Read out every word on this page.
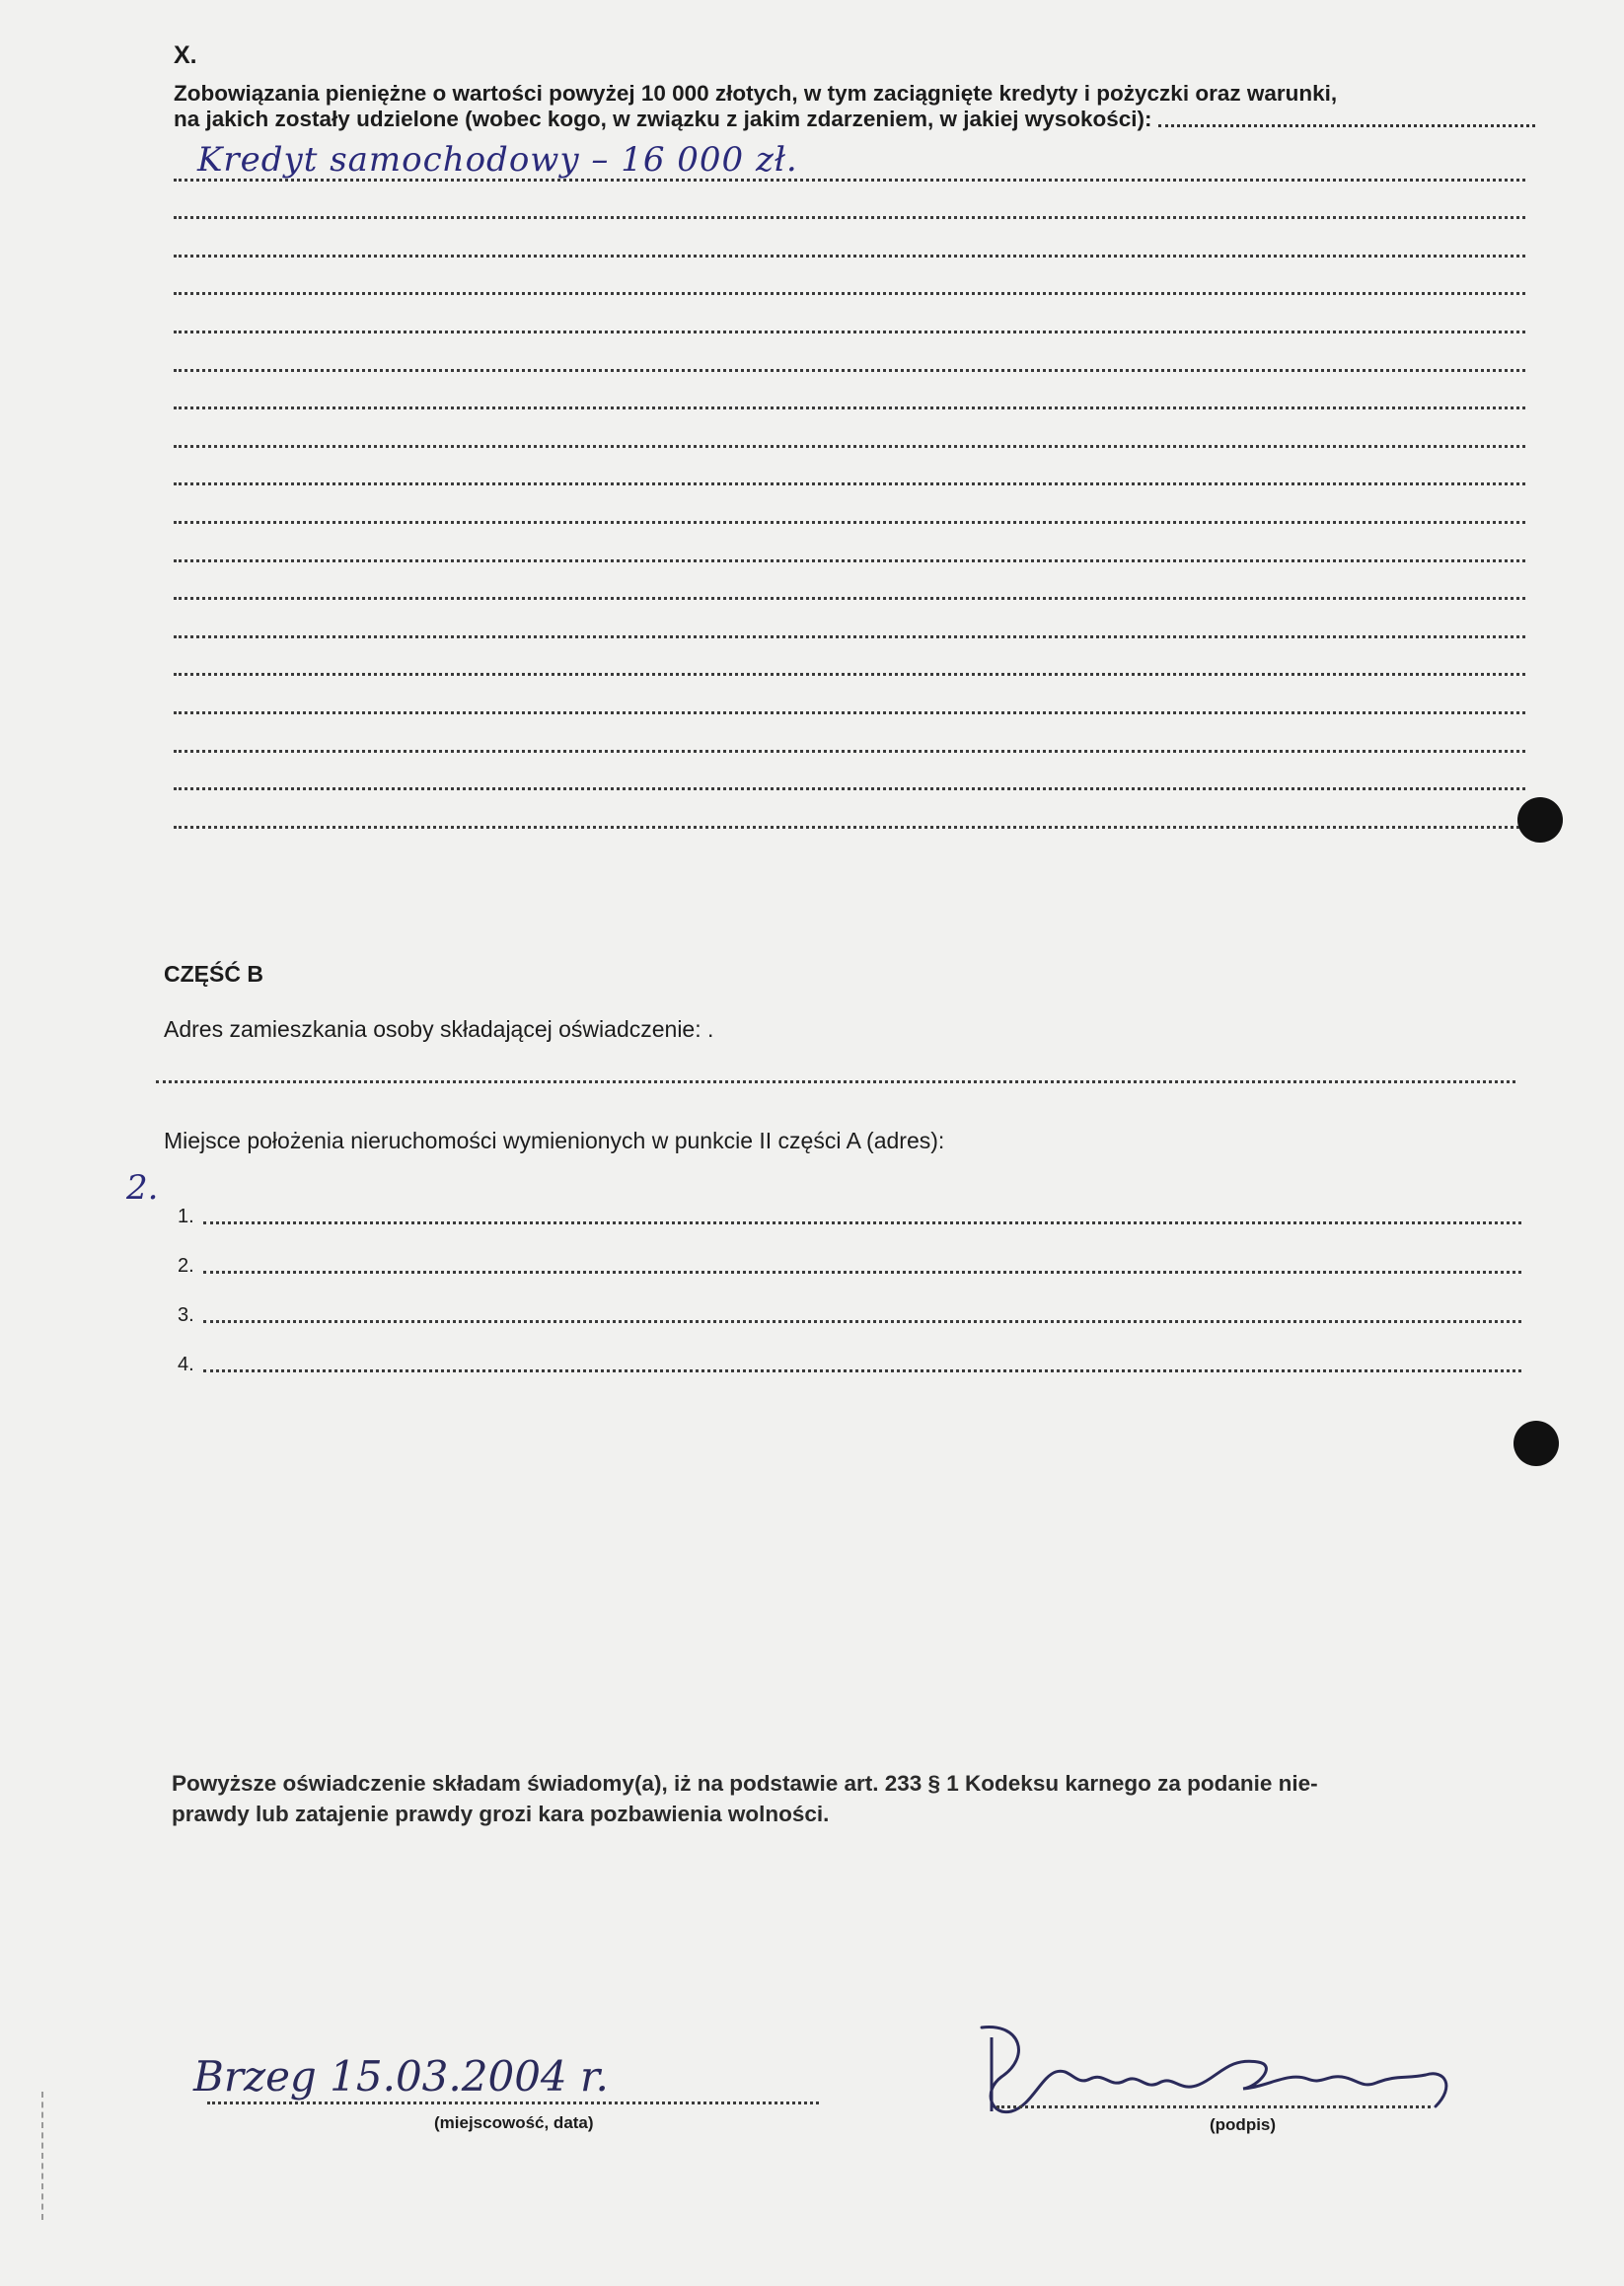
X.
Zobowiązania pieniężne o wartości powyżej 10 000 złotych, w tym zaciągnięte kredyty i pożyczki oraz warunki,
na jakich zostały udzielone (wobec kogo, w związku z jakim zdarzeniem, w jakiej wysokości):
Kredyt samochodowy – 16 000 zł.
CZĘŚĆ B
Adres zamieszkania osoby składającej oświadczenie: .
Miejsce położenia nieruchomości wymienionych w punkcie II części A (adres):
1.
2.
3.
4.
2.
Powyższe oświadczenie składam świadomy(a), iż na podstawie art. 233 § 1 Kodeksu karnego za podanie nie-
prawdy lub zatajenie prawdy grozi kara pozbawienia wolności.
Brzeg 15.03.2004 r.
(miejscowość, data)	(podpis)
